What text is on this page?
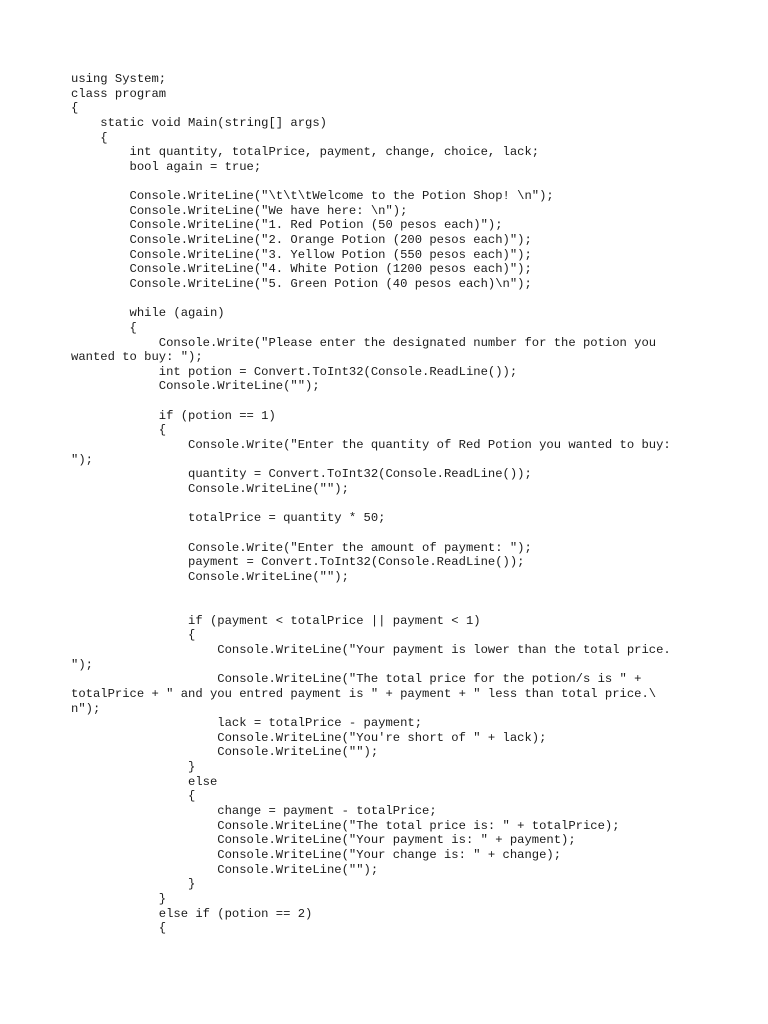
using System;
class program
{
static void Main(string[] args)
{
int quantity, totalPrice, payment, change, choice, lack;
bool again = true;
Console.WriteLine("\t\t\tWelcome to the Potion Shop! \n");
Console.WriteLine("We have here: \n");
Console.WriteLine("1. Red Potion (50 pesos each)");
Console.WriteLine("2. Orange Potion (200 pesos each)");
Console.WriteLine("3. Yellow Potion (550 pesos each)");
Console.WriteLine("4. White Potion (1200 pesos each)");
Console.WriteLine("5. Green Potion (40 pesos each)\n");
while (again)
{
Console.Write("Please enter the designated number for the potion you
wanted to buy: ");
int potion = Convert.ToInt32(Console.ReadLine());
Console.WriteLine("");
if (potion == 1)
{
Console.Write("Enter the quantity of Red Potion you wanted to buy:
");
quantity = Convert.ToInt32(Console.ReadLine());
Console.WriteLine("");
totalPrice = quantity * 50;
Console.Write("Enter the amount of payment: ");
payment = Convert.ToInt32(Console.ReadLine());
Console.WriteLine("");
if (payment < totalPrice || payment < 1)
{
Console.WriteLine("Your payment is lower than the total price.
");
Console.WriteLine("The total price for the potion/s is " +
totalPrice + " and you entred payment is " + payment + " less than total price.\
n");
lack = totalPrice - payment;
Console.WriteLine("You're short of " + lack);
Console.WriteLine("");
}
else
{
change = payment - totalPrice;
Console.WriteLine("The total price is: " + totalPrice);
Console.WriteLine("Your payment is: " + payment);
Console.WriteLine("Your change is: " + change);
Console.WriteLine("");
}
}
else if (potion == 2)
{
